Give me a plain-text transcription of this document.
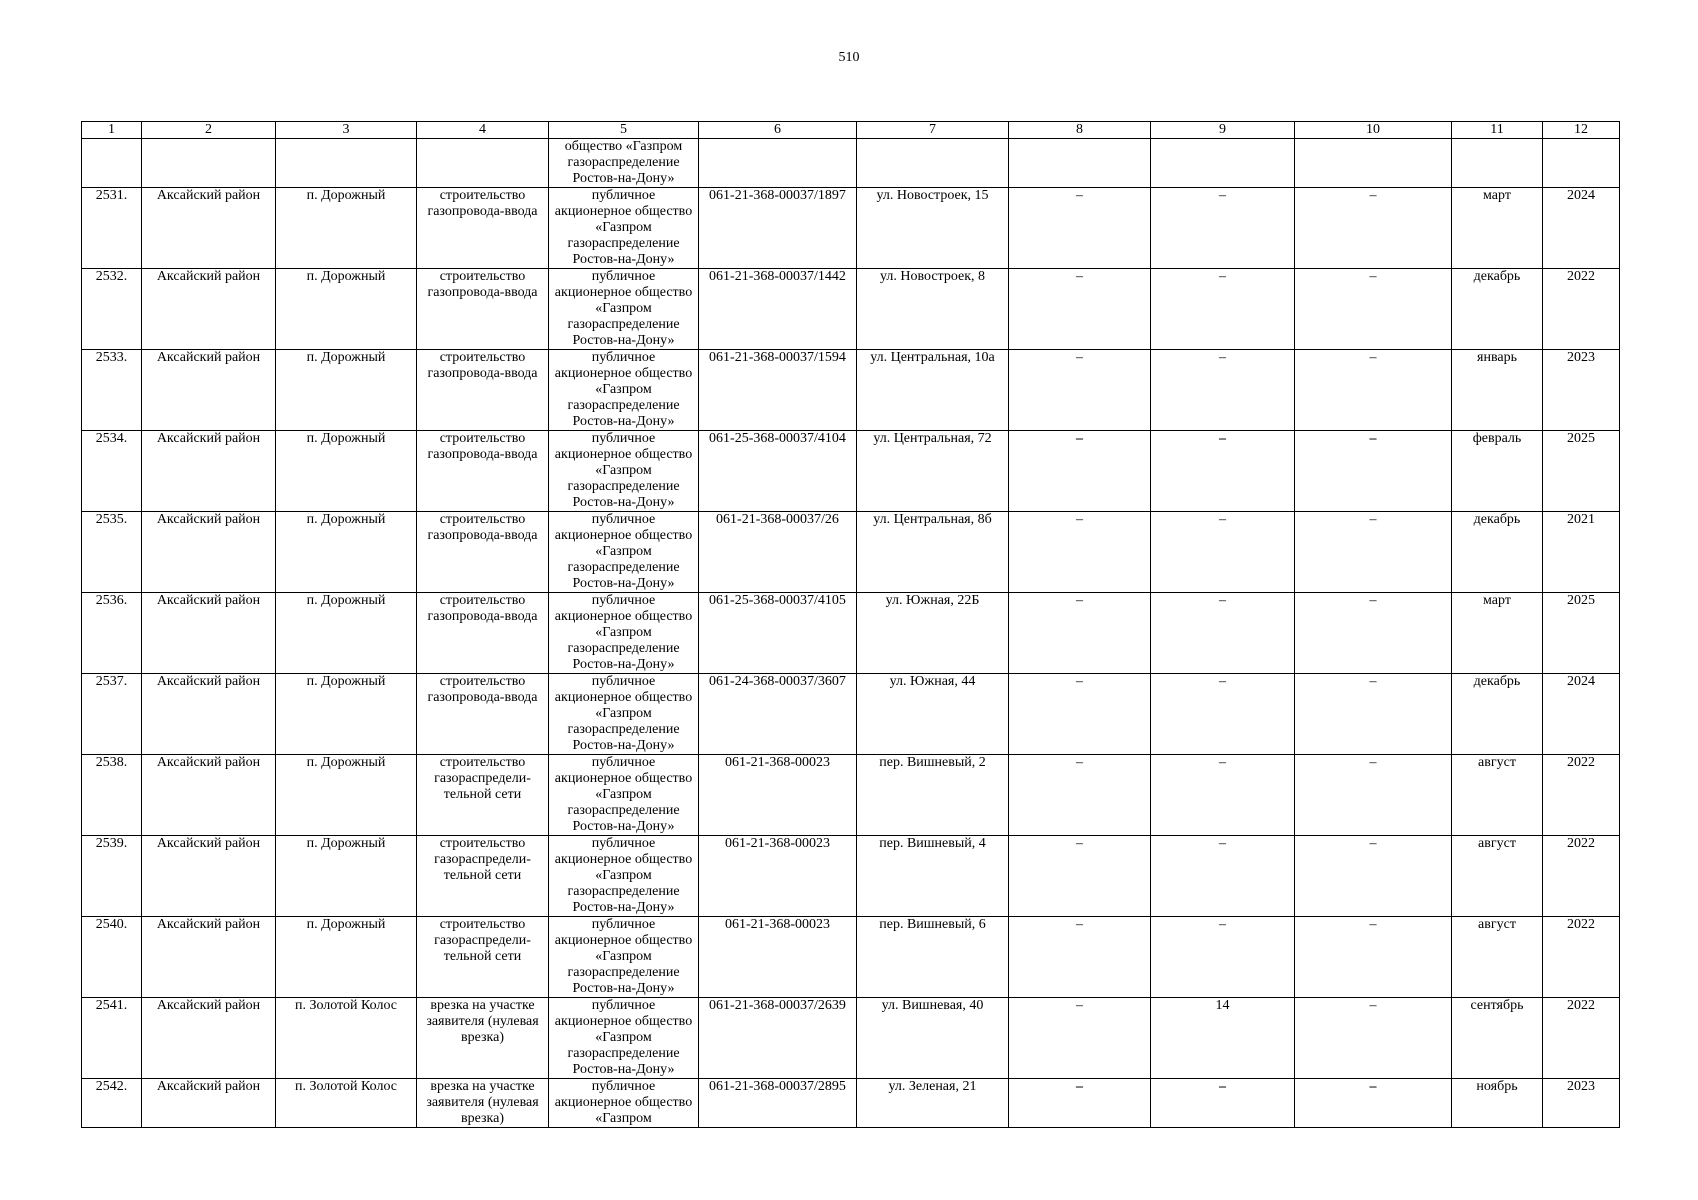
510
1	2	3	4	5	6	7	8	9	10	11	12
				общество «Газпром газораспределение Ростов-на-Дону»							
2531.	Аксайский район	п. Дорожный	строительство газопровода-ввода	публичное акционерное общество «Газпром газораспределение Ростов-на-Дону»	061-21-368-00037/1897	ул. Новостроек, 15	–	–	–	март	2024
2532.	Аксайский район	п. Дорожный	строительство газопровода-ввода	публичное акционерное общество «Газпром газораспределение Ростов-на-Дону»	061-21-368-00037/1442	ул. Новостроек, 8	–	–	–	декабрь	2022
2533.	Аксайский район	п. Дорожный	строительство газопровода-ввода	публичное акционерное общество «Газпром газораспределение Ростов-на-Дону»	061-21-368-00037/1594	ул. Центральная, 10а	–	–	–	январь	2023
2534.	Аксайский район	п. Дорожный	строительство газопровода-ввода	публичное акционерное общество «Газпром газораспределение Ростов-на-Дону»	061-25-368-00037/4104	ул. Центральная, 72	–	–	–	февраль	2025
2535.	Аксайский район	п. Дорожный	строительство газопровода-ввода	публичное акционерное общество «Газпром газораспределение Ростов-на-Дону»	061-21-368-00037/26	ул. Центральная, 8б	–	–	–	декабрь	2021
2536.	Аксайский район	п. Дорожный	строительство газопровода-ввода	публичное акционерное общество «Газпром газораспределение Ростов-на-Дону»	061-25-368-00037/4105	ул. Южная, 22Б	–	–	–	март	2025
2537.	Аксайский район	п. Дорожный	строительство газопровода-ввода	публичное акционерное общество «Газпром газораспределение Ростов-на-Дону»	061-24-368-00037/3607	ул. Южная, 44	–	–	–	декабрь	2024
2538.	Аксайский район	п. Дорожный	строительство газораспредели-тельной сети	публичное акционерное общество «Газпром газораспределение Ростов-на-Дону»	061-21-368-00023	пер. Вишневый, 2	–	–	–	август	2022
2539.	Аксайский район	п. Дорожный	строительство газораспредели-тельной сети	публичное акционерное общество «Газпром газораспределение Ростов-на-Дону»	061-21-368-00023	пер. Вишневый, 4	–	–	–	август	2022
2540.	Аксайский район	п. Дорожный	строительство газораспредели-тельной сети	публичное акционерное общество «Газпром газораспределение Ростов-на-Дону»	061-21-368-00023	пер. Вишневый, 6	–	–	–	август	2022
2541.	Аксайский район	п. Золотой Колос	врезка на участке заявителя (нулевая врезка)	публичное акционерное общество «Газпром газораспределение Ростов-на-Дону»	061-21-368-00037/2639	ул. Вишневая, 40	–	14	–	сентябрь	2022
2542.	Аксайский район	п. Золотой Колос	врезка на участке заявителя (нулевая врезка)	публичное акционерное общество «Газпром	061-21-368-00037/2895	ул. Зеленая, 21	–	–	–	ноябрь	2023
